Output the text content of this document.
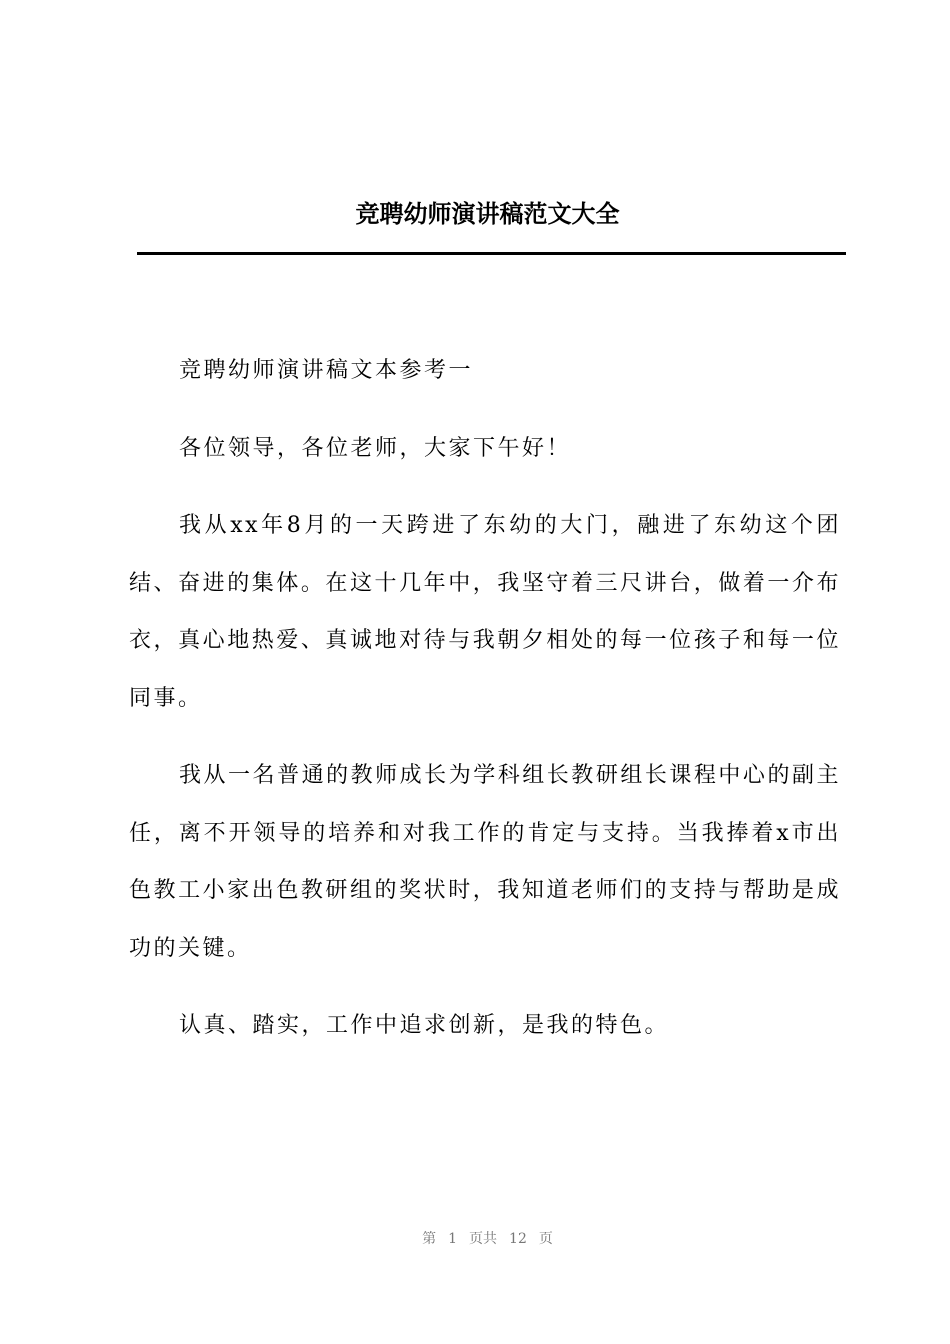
竞聘幼师演讲稿范文大全

竞聘幼师演讲稿文本参考一

各位领导，各位老师，大家下午好！

我从xx年8月的一天跨进了东幼的大门，融进了东幼这个团结、奋进的集体。在这十几年中，我坚守着三尺讲台，做着一介布衣，真心地热爱、真诚地对待与我朝夕相处的每一位孩子和每一位同事。

我从一名普通的教师成长为学科组长教研组长课程中心的副主任，离不开领导的培养和对我工作的肯定与支持。当我捧着x市出色教工小家出色教研组的奖状时，我知道老师们的支持与帮助是成功的关键。

认真、踏实，工作中追求创新，是我的特色。

第 1 页共 12 页
